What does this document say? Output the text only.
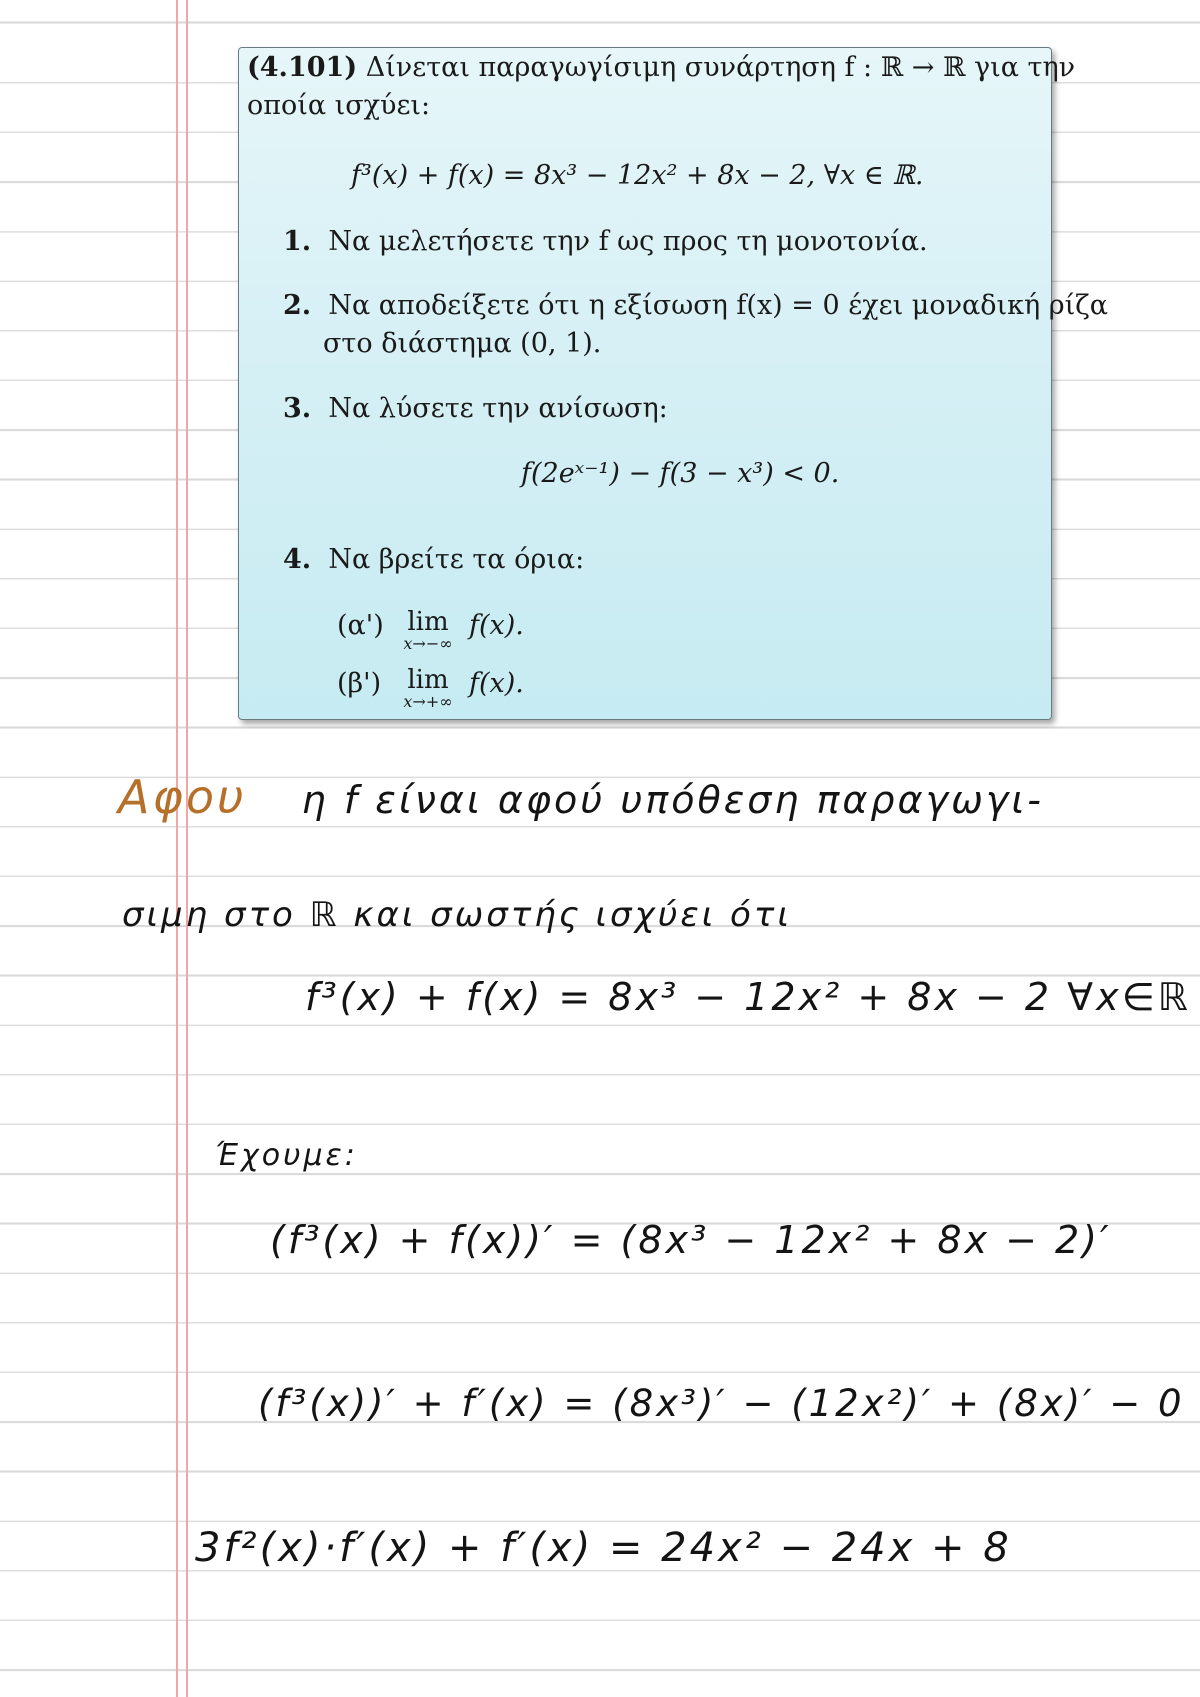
(4.101) Δίνεται παραγωγίσιμη συνάρτηση f : ℝ → ℝ για την
οποία ισχύει:
f³(x) + f(x) = 8x³ − 12x² + 8x − 2, ∀x ∈ ℝ.
1. Να μελετήσετε την f ως προς τη μονοτονία.
2. Να αποδείξετε ότι η εξίσωση f(x) = 0 έχει μοναδική ρίζα
στο διάστημα (0, 1).
3. Να λύσετε την ανίσωση:
f(2eˣ⁻¹) − f(3 − x³) < 0.
4. Να βρείτε τα όρια:
(α') lim
x→−∞
f(x).
(β')	lim
x→+∞
f(x).
Αφου η f είναι αφού υπόθεση παραγωγι-
σιμη στο ℝ και σωστής ισχύει ότι
f³(x) + f(x) = 8x³ − 12x² + 8x − 2 ∀x∈ℝ
Έχουμε:
(f³(x) + f(x))′ = (8x³ − 12x² + 8x − 2)′
(f³(x))′ + f′(x) = (8x³)′ − (12x²)′ + (8x)′ − 0
3f²(x)·f′(x) + f′(x) = 24x² − 24x + 8
